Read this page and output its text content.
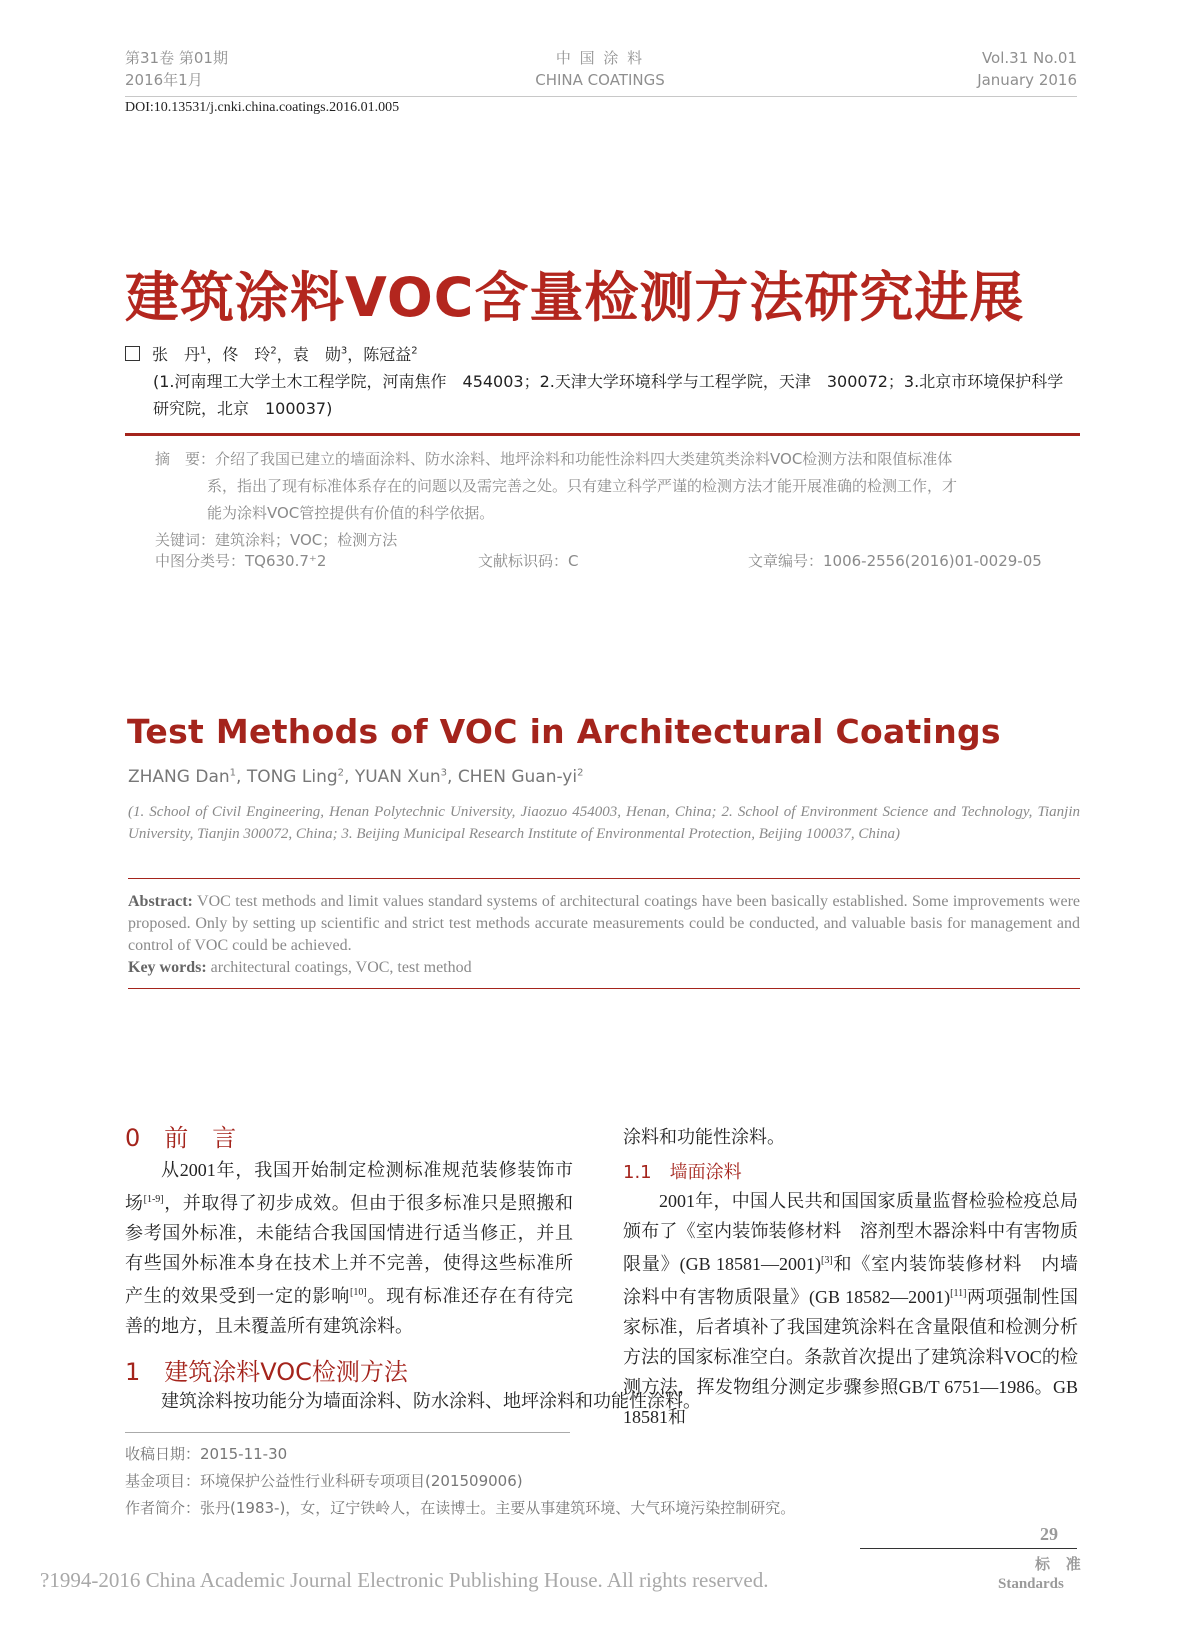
第31卷 第01期
2016年1月
中 国 涂 料
CHINA COATINGS
Vol.31 No.01
January 2016
DOI:10.13531/j.cnki.china.coatings.2016.01.005
建筑涂料VOC含量检测方法研究进展
张　丹$^1$，佟　玲$^2$，袁　勋$^3$，陈冠益$^2$
(1.河南理工大学土木工程学院，河南焦作　454003；2.天津大学环境科学与工程学院，天津　300072；3.北京市环境保护科学
研究院，北京　100037)
摘　要：介绍了我国已建立的墙面涂料、防水涂料、地坪涂料和功能性涂料四大类建筑类涂料VOC检测方法和限值标准体
系，指出了现有标准体系存在的问题以及需完善之处。只有建立科学严谨的检测方法才能开展准确的检测工作，才
能为涂料VOC管控提供有价值的科学依据。
关键词：建筑涂料；VOC；检测方法
中图分类号：TQ630.7⁺2	文献标识码：C	文章编号：1006-2556(2016)01-0029-05
Test Methods of VOC in Architectural Coatings
ZHANG Dan$^1$, TONG Ling$^2$, YUAN Xun$^3$, CHEN Guan-$yi^2$
(1. School of Civil Engineering, Henan Polytechnic University, Jiaozuo 454003, Henan, China; 2. School of Environment Science and Technology, Tianjin University, Tianjin 300072, China; 3. Beijing Municipal Research Institute of Environmental Protection, Beijing 100037, China)
Abstract: VOC test methods and limit values standard systems of architectural coatings have been basically established. Some improvements were proposed. Only by setting up scientific and strict test methods accurate measurements could be conducted, and valuable basis for management and control of VOC could be achieved.
Key words: architectural coatings, VOC, test method
0　前　言

从2001年，我国开始制定检测标准规范装修装饰市场[1-9]，并取得了初步成效。但由于很多标准只是照搬和参考国外标准，未能结合我国国情进行适当修正，并且有些国外标准本身在技术上并不完善，使得这些标准所产生的效果受到一定的影响[10]。现有标准还存在有待完善的地方，且未覆盖所有建筑涂料。

1　建筑涂料VOC检测方法

建筑涂料按功能分为墙面涂料、防水涂料、地坪涂料和功能性涂料。

涂料和功能性涂料。

1.1　墙面涂料

2001年，中国人民共和国国家质量监督检验检疫总局颁布了《室内装饰装修材料　溶剂型木器涂料中有害物质限量》(GB 18581—2001)[3]和《室内装饰装修材料　内墙涂料中有害物质限量》(GB 18582—2001)[11]两项强制性国家标准，后者填补了我国建筑涂料在含量限值和检测分析方法的国家标准空白。条款首次提出了建筑涂料VOC的检测方法，挥发物组分测定步骤参照GB/T 6751—1986。GB 18581和

收稿日期：2015-11-30
基金项目：环境保护公益性行业科研专项项目(201509006)
作者简介：张丹(1983-)，女，辽宁铁岭人，在读博士。主要从事建筑环境、大气环境污染控制研究。
29
标 准
Standards
?1994-2016 China Academic Journal Electronic Publishing House. All rights reserved.
